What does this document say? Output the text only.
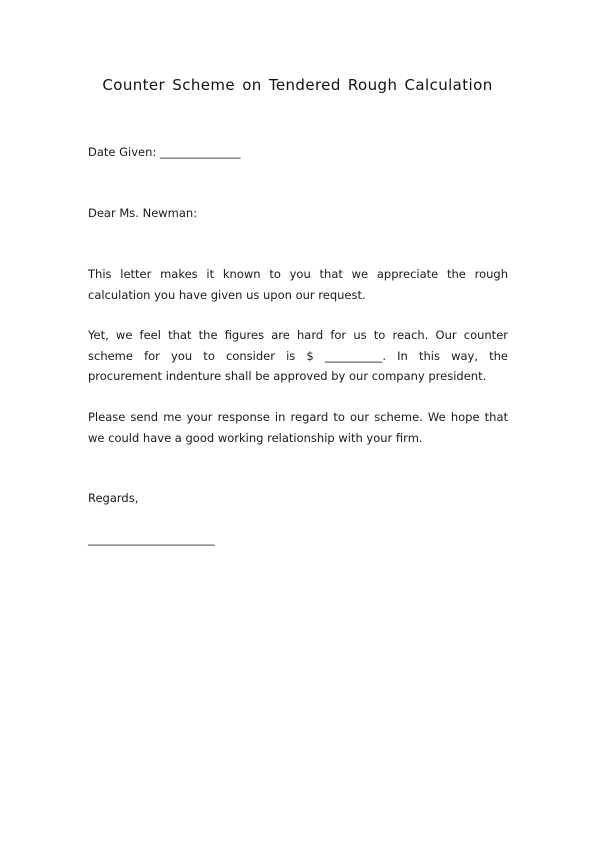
Counter Scheme on Tendered Rough Calculation
Date Given: ______________
Dear Ms. Newman:
This letter makes it known to you that we appreciate the rough
calculation you have given us upon our request.
Yet, we feel that the figures are hard for us to reach. Our counter
scheme for you to consider is $ __________. In this way, the
procurement indenture shall be approved by our company president.
Please send me your response in regard to our scheme. We hope that
we could have a good working relationship with your firm.
Regards,
______________________
